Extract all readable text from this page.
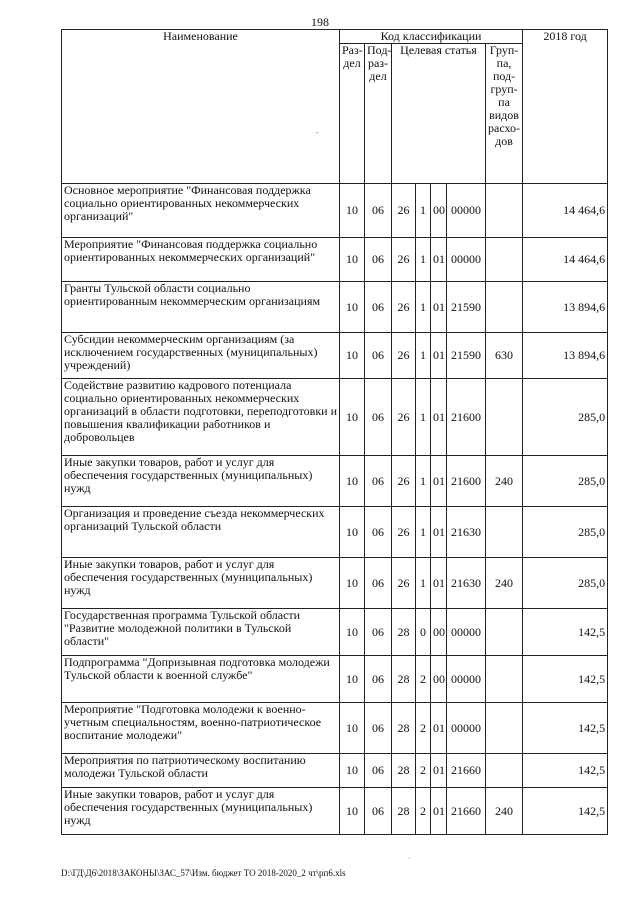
198
-
Наименование	Код классификации							2018 год
	Раз-дел	Под-раз-дел	Целевая статья				Груп-па, под-груп-па видов расхо-дов	
Основное мероприятие "Финансовая поддержка социально ориентированных некоммерческих организаций"	10	06	26	1	00	00000		14 464,6
Мероприятие "Финансовая поддержка социально ориентированных некоммерческих организаций"	10	06	26	1	01	00000		14 464,6
Гранты Тульской области социально ориентированным некоммерческим организациям	10	06	26	1	01	21590		13 894,6
Субсидии некоммерческим организациям (за исключением государственных (муниципальных) учреждений)	10	06	26	1	01	21590	630	13 894,6
Содействие развитию кадрового потенциала социально ориентированных некоммерческих организаций в области подготовки, переподготовки и повышения квалификации работников и добровольцев	10	06	26	1	01	21600		285,0
Иные закупки товаров, работ и услуг для обеспечения государственных (муниципальных) нужд	10	06	26	1	01	21600	240	285,0
Организация и проведение съезда некоммерческих организаций Тульской области	10	06	26	1	01	21630		285,0
Иные закупки товаров, работ и услуг для обеспечения государственных (муниципальных) нужд	10	06	26	1	01	21630	240	285,0
Государственная программа Тульской области "Развитие молодежной политики в Тульской области"	10	06	28	0	00	00000		142,5
Подпрограмма "Допризывная подготовка молодежи Тульской области к военной службе"	10	06	28	2	00	00000		142,5
Мероприятие "Подготовка молодежи к военно-учетным специальностям, военно-патриотическое воспитание молодежи"	10	06	28	2	01	00000		142,5
Мероприятия по патриотическому воспитанию молодежи Тульской области	10	06	28	2	01	21660		142,5
Иные закупки товаров, работ и услуг для обеспечения государственных (муниципальных) нужд	10	06	28	2	01	21660	240	142,5
·
D:\ГД\Д6\2018\ЗАКОНЫ\ЗАС_57\Изм. бюджет ТО 2018-2020_2 чт\рп6.xls
